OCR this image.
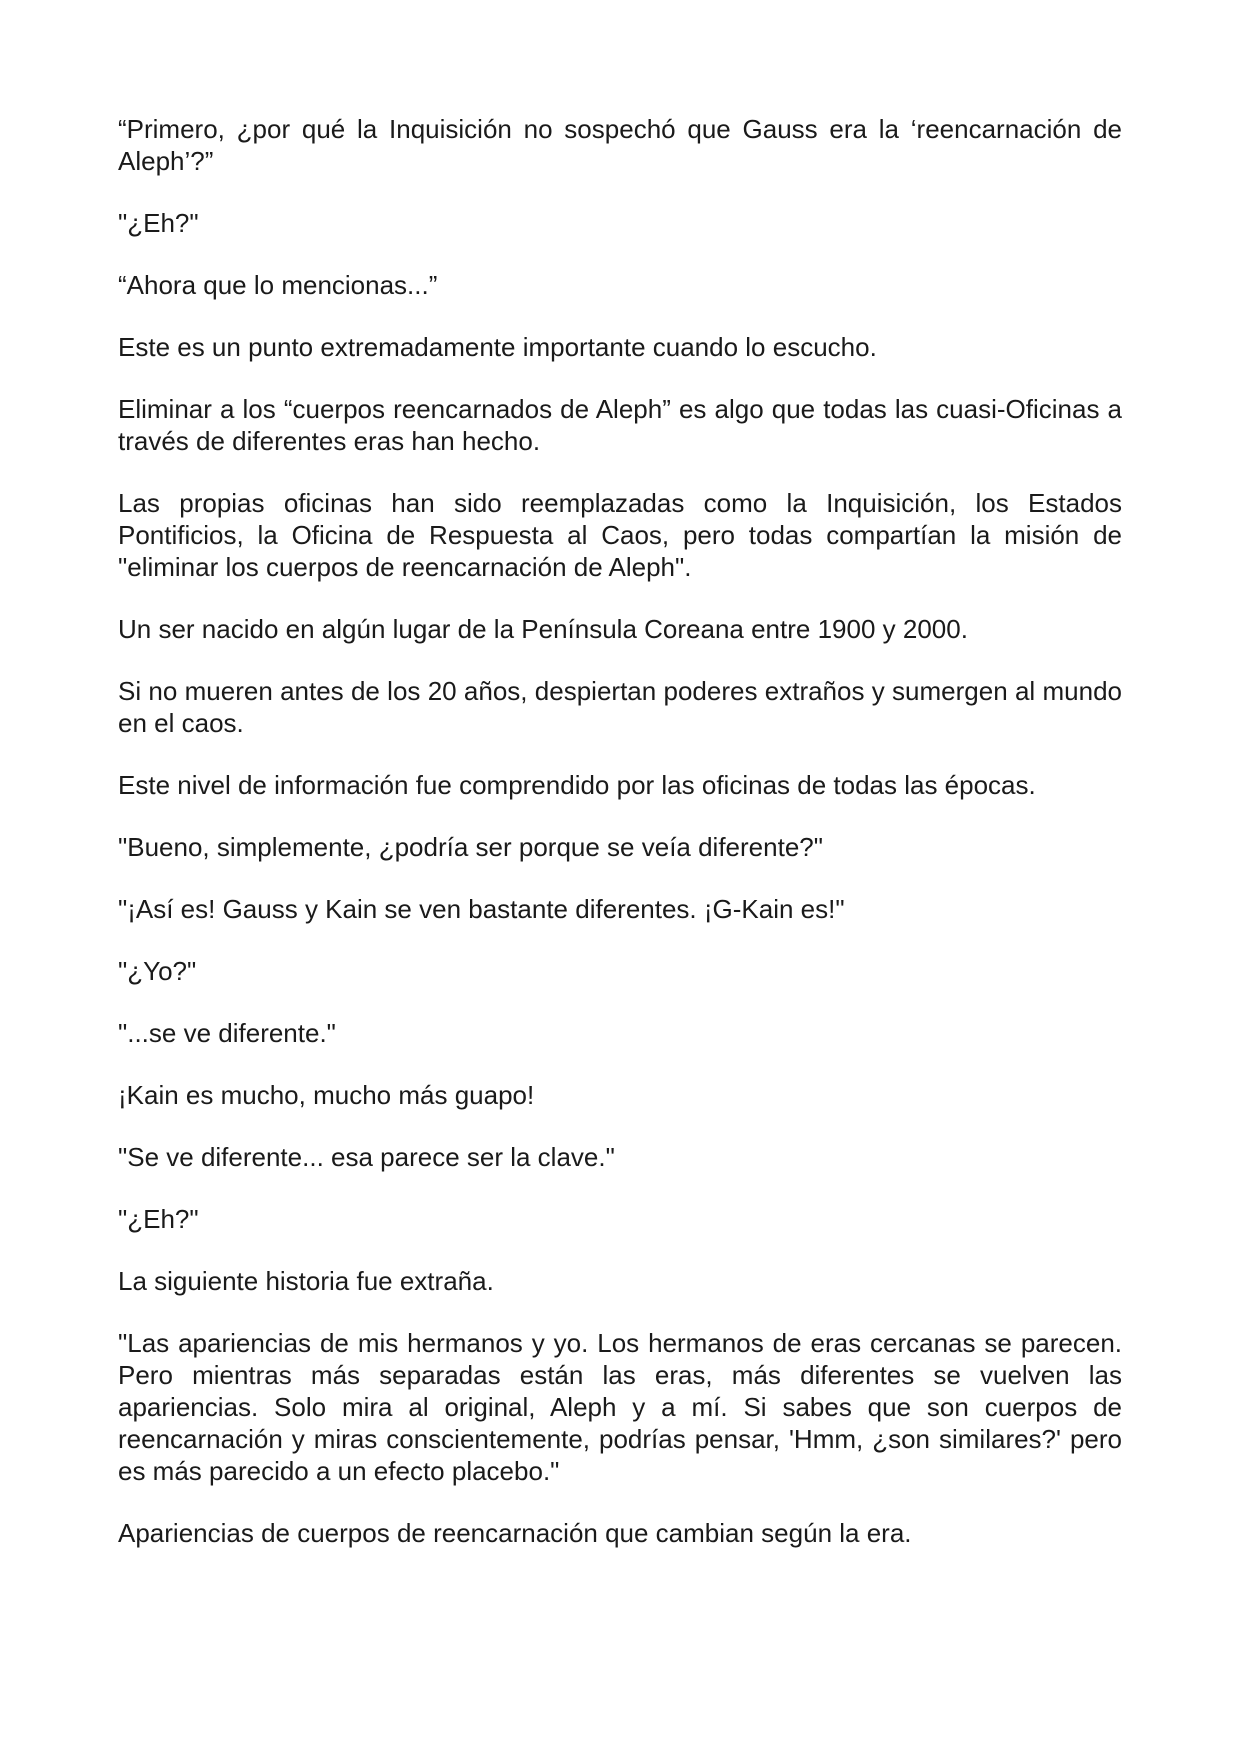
“Primero, ¿por qué la Inquisición no sospechó que Gauss era la ‘reencarnación de Aleph’?”

"¿Eh?"

“Ahora que lo mencionas...”

Este es un punto extremadamente importante cuando lo escucho.

Eliminar a los “cuerpos reencarnados de Aleph” es algo que todas las cuasi-Oficinas a través de diferentes eras han hecho.

Las propias oficinas han sido reemplazadas como la Inquisición, los Estados Pontificios, la Oficina de Respuesta al Caos, pero todas compartían la misión de "eliminar los cuerpos de reencarnación de Aleph".

Un ser nacido en algún lugar de la Península Coreana entre 1900 y 2000.

Si no mueren antes de los 20 años, despiertan poderes extraños y sumergen al mundo en el caos.

Este nivel de información fue comprendido por las oficinas de todas las épocas.

"Bueno, simplemente, ¿podría ser porque se veía diferente?"

"¡Así es! Gauss y Kain se ven bastante diferentes. ¡G-Kain es!"

"¿Yo?"

"...se ve diferente."

¡Kain es mucho, mucho más guapo!

"Se ve diferente... esa parece ser la clave."

"¿Eh?"

La siguiente historia fue extraña.

"Las apariencias de mis hermanos y yo. Los hermanos de eras cercanas se parecen. Pero mientras más separadas están las eras, más diferentes se vuelven las apariencias. Solo mira al original, Aleph y a mí. Si sabes que son cuerpos de reencarnación y miras conscientemente, podrías pensar, 'Hmm, ¿son similares?' pero es más parecido a un efecto placebo."

Apariencias de cuerpos de reencarnación que cambian según la era.
